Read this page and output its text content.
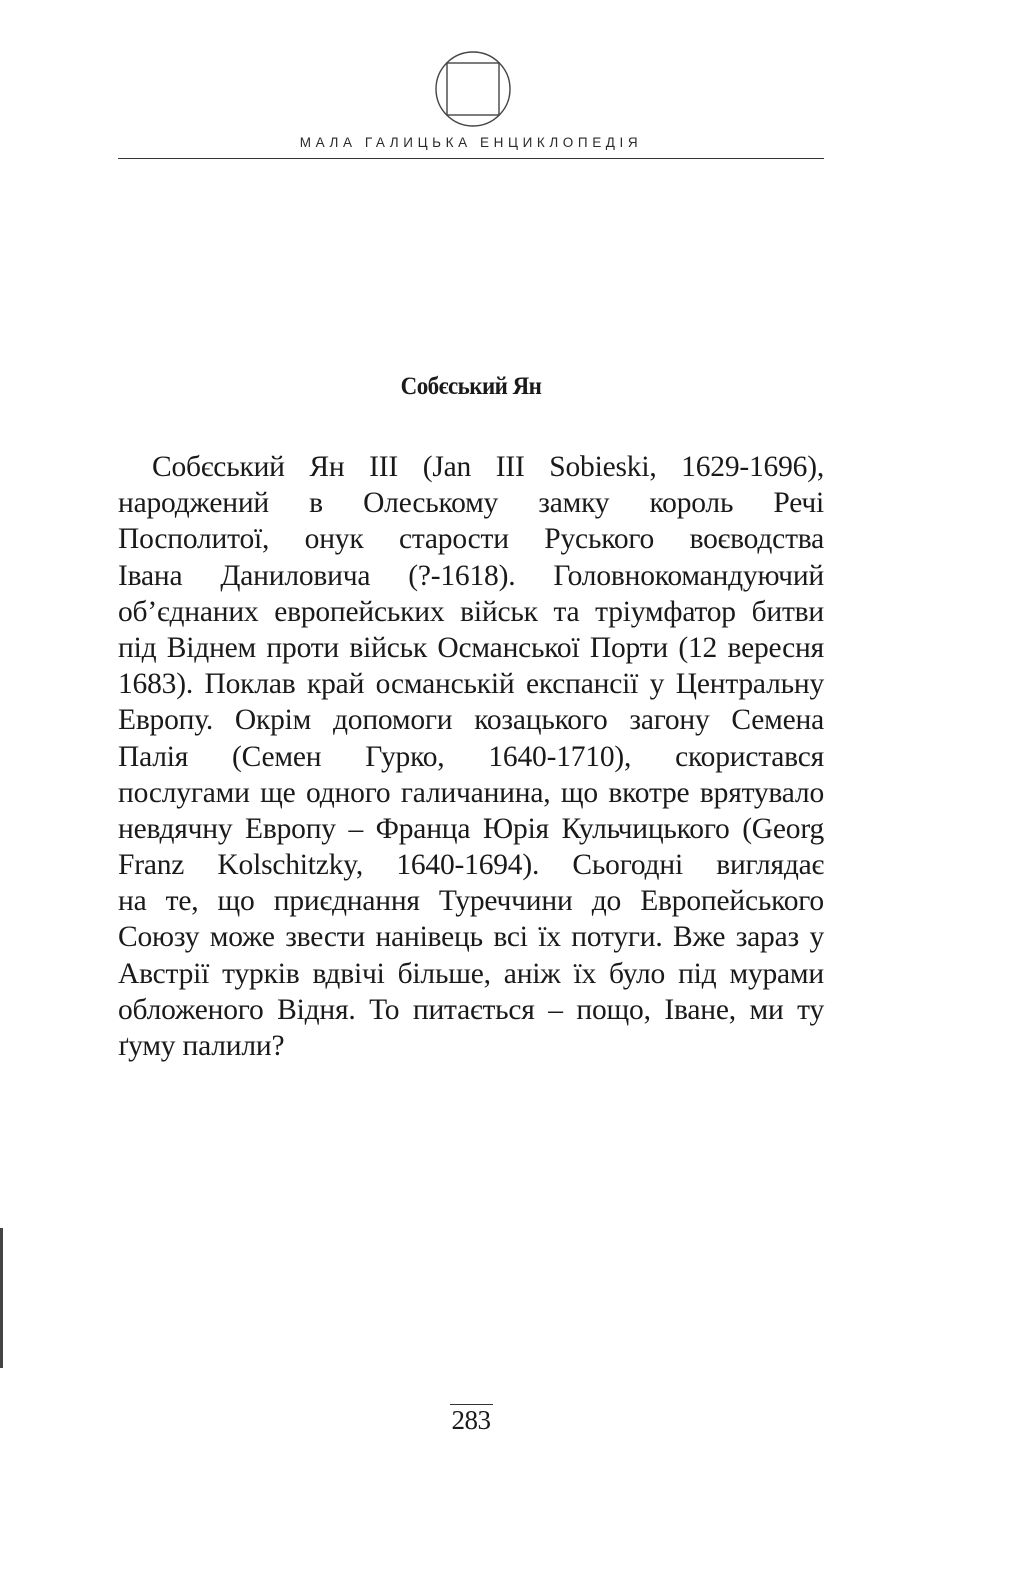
МАЛА ГАЛИЦЬКА ЕНЦИКЛОПЕДІЯ
Собєський Ян
Собєський Ян III (Jan III Sobieski, 1629-1696),
народжений в Олеському замку король Речі
Посполитої, онук старости Руського воєводства
Івана Даниловича (?-1618). Головнокомандуючий
об’єднаних европейських військ та тріумфатор битви
під Віднем проти військ Османської Порти (12 вересня
1683). Поклав край османській експансії у Центральну
Европу. Окрім допомоги козацького загону Семена
Палія (Семен Гурко, 1640-1710), скористався
послугами ще одного галичанина, що вкотре врятувало
невдячну Европу – Франца Юрія Кульчицького (Georg
Franz Kolschitzky, 1640-1694). Сьогодні виглядає
на те, що приєднання Туреччини до Европейського
Союзу може звести нанівець всі їх потуги. Вже зараз у
Австрії турків вдвічі більше, аніж їх було під мурами
обложеного Відня. То питається – пощо, Іване, ми ту
ґуму палили?
283
